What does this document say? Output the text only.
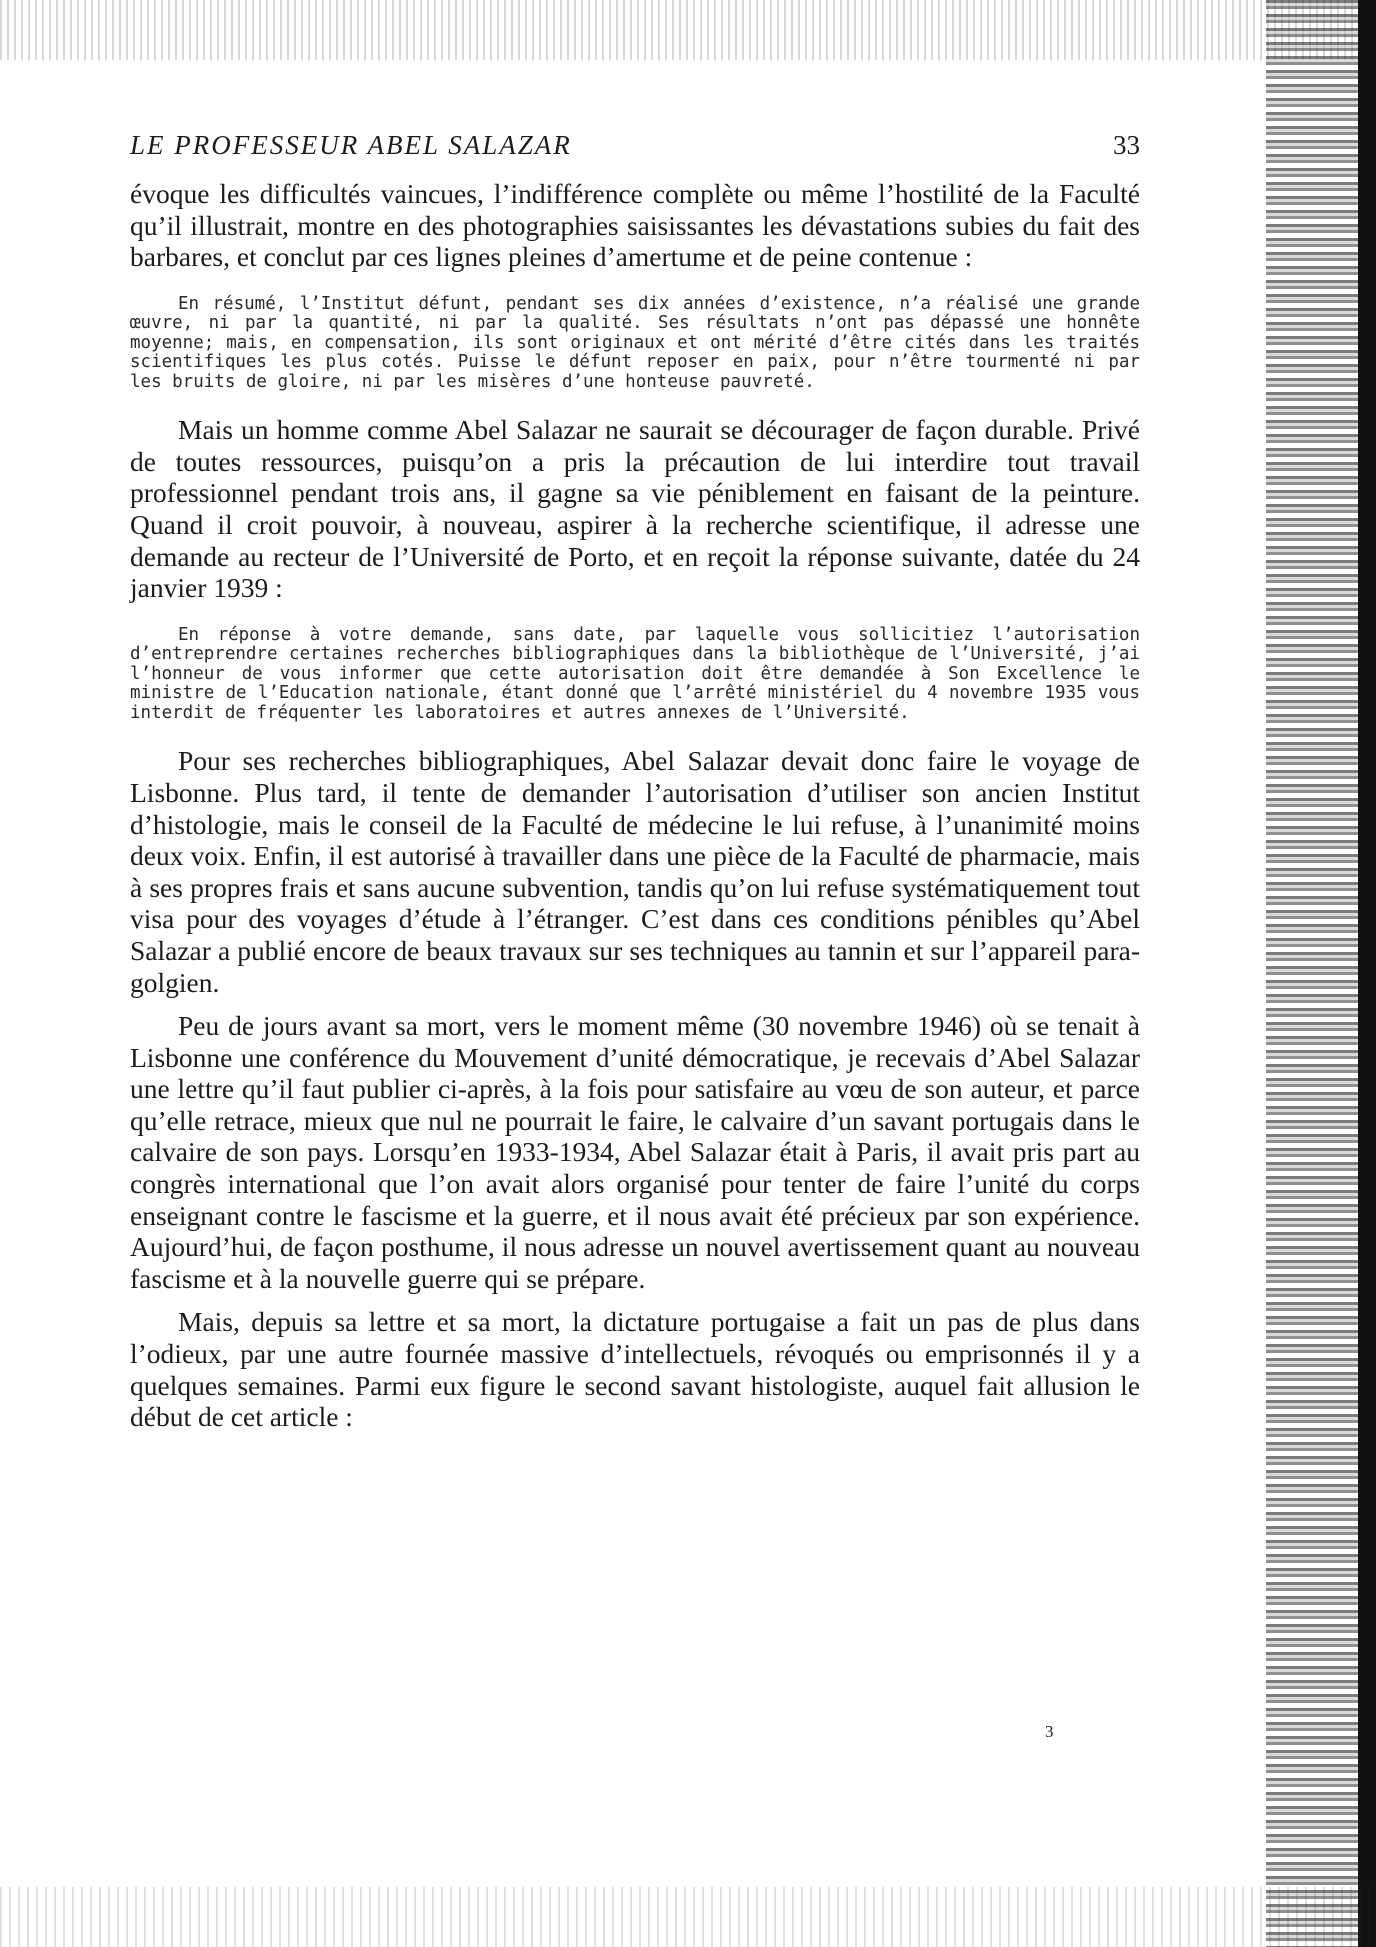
LE PROFESSEUR ABEL SALAZAR	33

évoque les difficultés vaincues, l’indifférence complète ou même l’hostilité de la Faculté qu’il illustrait, montre en des photographies saisissantes les dévastations subies du fait des barbares, et conclut par ces lignes pleines d’amertume et de peine contenue :

En résumé, l’Institut défunt, pendant ses dix années d’existence, n’a réalisé une grande œuvre, ni par la quantité, ni par la qualité. Ses résultats n’ont pas dépassé une honnête moyenne; mais, en compensation, ils sont originaux et ont mérité d’être cités dans les traités scientifiques les plus cotés. Puisse le défunt reposer en paix, pour n’être tourmenté ni par les bruits de gloire, ni par les misères d’une honteuse pauvreté.

Mais un homme comme Abel Salazar ne saurait se décourager de façon durable. Privé de toutes ressources, puisqu’on a pris la précaution de lui interdire tout travail professionnel pendant trois ans, il gagne sa vie péniblement en faisant de la peinture. Quand il croit pouvoir, à nouveau, aspirer à la recherche scientifique, il adresse une demande au recteur de l’Université de Porto, et en reçoit la réponse suivante, datée du 24 janvier 1939 :

En réponse à votre demande, sans date, par laquelle vous sollicitiez l’autorisation d’entreprendre certaines recherches bibliographiques dans la bibliothèque de l’Université, j’ai l’honneur de vous informer que cette autorisation doit être demandée à Son Excellence le ministre de l’Education nationale, étant donné que l’arrêté ministériel du 4 novembre 1935 vous interdit de fréquenter les laboratoires et autres annexes de l’Université.

Pour ses recherches bibliographiques, Abel Salazar devait donc faire le voyage de Lisbonne. Plus tard, il tente de demander l’autorisation d’utiliser son ancien Institut d’histologie, mais le conseil de la Faculté de médecine le lui refuse, à l’unanimité moins deux voix. Enfin, il est autorisé à travailler dans une pièce de la Faculté de pharmacie, mais à ses propres frais et sans aucune subvention, tandis qu’on lui refuse systématiquement tout visa pour des voyages d’étude à l’étranger. C’est dans ces conditions pénibles qu’Abel Salazar a publié encore de beaux travaux sur ses techniques au tannin et sur l’appareil para-golgien.

Peu de jours avant sa mort, vers le moment même (30 novembre 1946) où se tenait à Lisbonne une conférence du Mouvement d’unité démocratique, je recevais d’Abel Salazar une lettre qu’il faut publier ci-après, à la fois pour satisfaire au vœu de son auteur, et parce qu’elle retrace, mieux que nul ne pourrait le faire, le calvaire d’un savant portugais dans le calvaire de son pays. Lorsqu’en 1933-1934, Abel Salazar était à Paris, il avait pris part au congrès international que l’on avait alors organisé pour tenter de faire l’unité du corps enseignant contre le fascisme et la guerre, et il nous avait été précieux par son expérience. Aujourd’hui, de façon posthume, il nous adresse un nouvel avertissement quant au nouveau fascisme et à la nouvelle guerre qui se prépare.

Mais, depuis sa lettre et sa mort, la dictature portugaise a fait un pas de plus dans l’odieux, par une autre fournée massive d’intellectuels, révoqués ou emprisonnés il y a quelques semaines. Parmi eux figure le second savant histologiste, auquel fait allusion le début de cet article :

3
